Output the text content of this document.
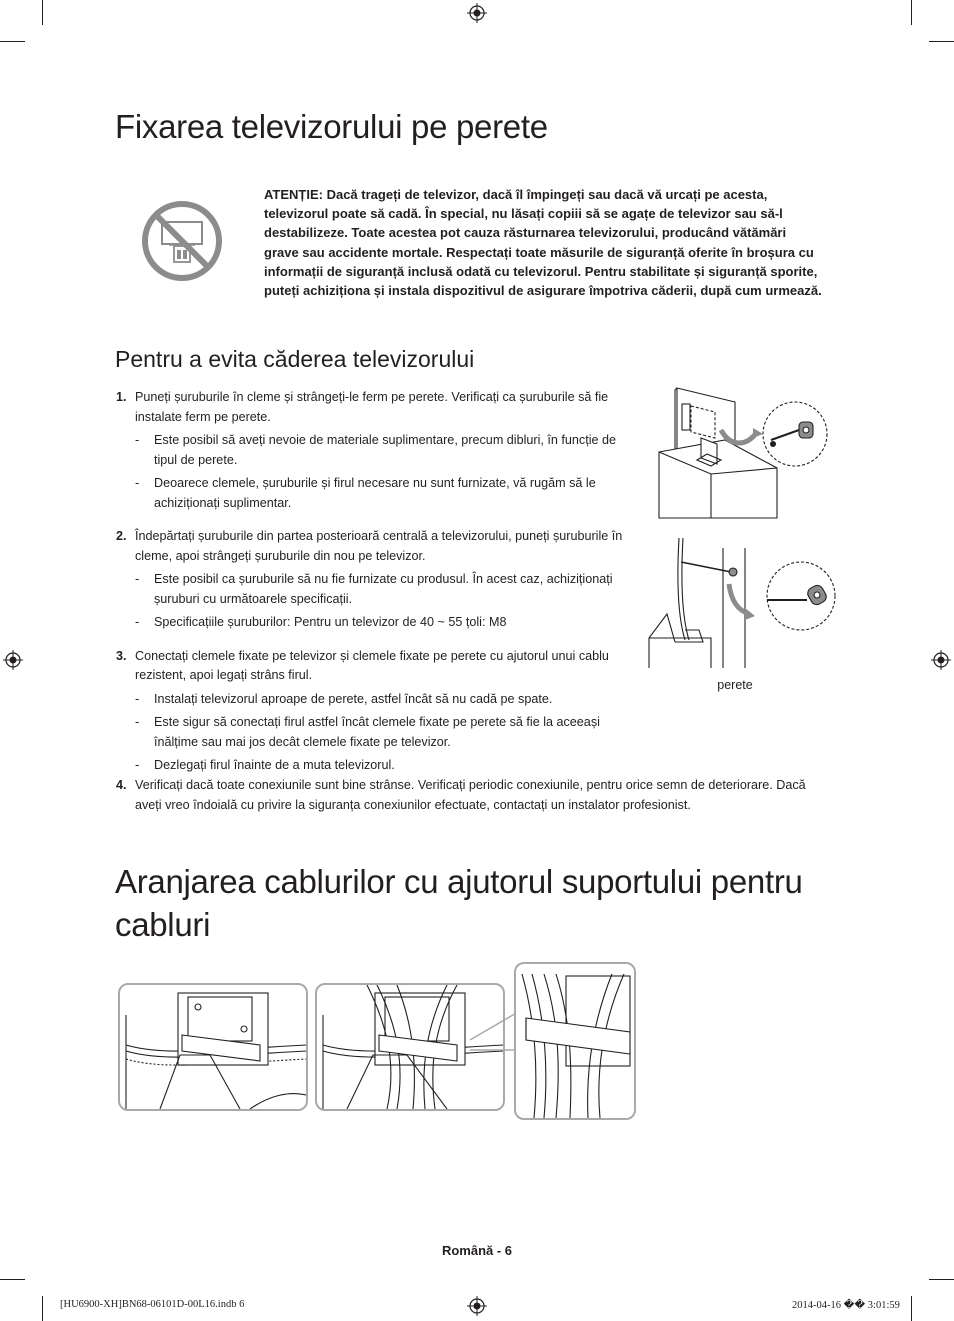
Fixarea televizorului pe perete
ATENȚIE: Dacă trageți de televizor, dacă îl împingeți sau dacă vă urcați pe acesta, televizorul poate să cadă. În special, nu lăsați copiii să se agațe de televizor sau să-l destabilizeze. Toate acestea pot cauza răsturnarea televizorului, producând vătămări grave sau accidente mortale. Respectați toate măsurile de siguranță oferite în broșura cu informații de siguranță inclusă odată cu televizorul. Pentru stabilitate și siguranță sporite, puteți achiziționa și instala dispozitivul de asigurare împotriva căderii, după cum urmează.
Pentru a evita căderea televizorului
1. Puneți șuruburile în cleme și strângeți-le ferm pe perete. Verificați ca șuruburile să fie instalate ferm pe perete.
- Este posibil să aveți nevoie de materiale suplimentare, precum dibluri, în funcție de tipul de perete.
- Deoarece clemele, șuruburile și firul necesare nu sunt furnizate, vă rugăm să le achiziționați suplimentar.
2. Îndepărtați șuruburile din partea posterioară centrală a televizorului, puneți șuruburile în cleme, apoi strângeți șuruburile din nou pe televizor.
- Este posibil ca șuruburile să nu fie furnizate cu produsul. În acest caz, achiziționați șuruburi cu următoarele specificații.
- Specificațiile șuruburilor: Pentru un televizor de 40 ~ 55 țoli: M8
3. Conectați clemele fixate pe televizor și clemele fixate pe perete cu ajutorul unui cablu rezistent, apoi legați strâns firul.
- Instalați televizorul aproape de perete, astfel încât să nu cadă pe spate.
- Este sigur să conectați firul astfel încât clemele fixate pe perete să fie la aceeași înălțime sau mai jos decât clemele fixate pe televizor.
- Dezlegați firul înainte de a muta televizorul.
4. Verificați dacă toate conexiunile sunt bine strânse. Verificați periodic conexiunile, pentru orice semn de deteriorare. Dacă aveți vreo îndoială cu privire la siguranța conexiunilor efectuate, contactați un instalator profesionist.
perete
Aranjarea cablurilor cu ajutorul suportului pentru cabluri
Română - 6
[HU6900-XH]BN68-06101D-00L16.indb 6	2014-04-16 �� 3:01:59
